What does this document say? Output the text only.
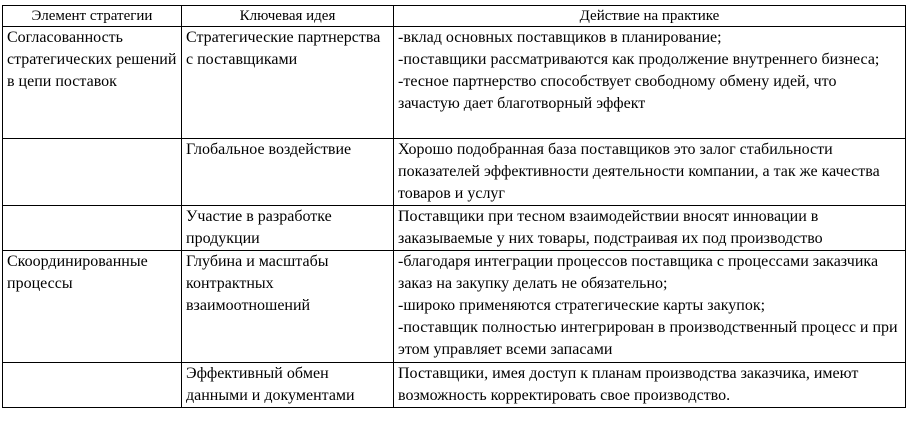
Элемент стратегии	Ключевая идея	Действие на практике
Согласованность стратегических решений в цепи поставок	Стратегические партнерства с поставщиками	-вклад основных поставщиков в планирование;
-поставщики рассматриваются как продолжение внутреннего бизнеса;
-тесное партнерство способствует свободному обмену идей, что зачастую дает благотворный эффект

	Глобальное воздействие	Хорошо подобранная база поставщиков это залог стабильности показателей эффективности деятельности компании, а так же качества товаров и услуг

	Участие в разработке продукции	Поставщики при тесном взаимодействии вносят инновации в заказываемые у них товары, подстраивая их под производство

Скоординированные процессы	Глубина и масштабы контрактных взаимоотношений	-благодаря интеграции процессов поставщика с процессами заказчика заказ на закупку делать не обязательно;
-широко применяются стратегические карты закупок;
-поставщик полностью интегрирован в производственный процесс и при этом управляет всеми запасами

	Эффективный обмен данными и документами	Поставщики, имея доступ к планам производства заказчика, имеют возможность корректировать свое производство.
